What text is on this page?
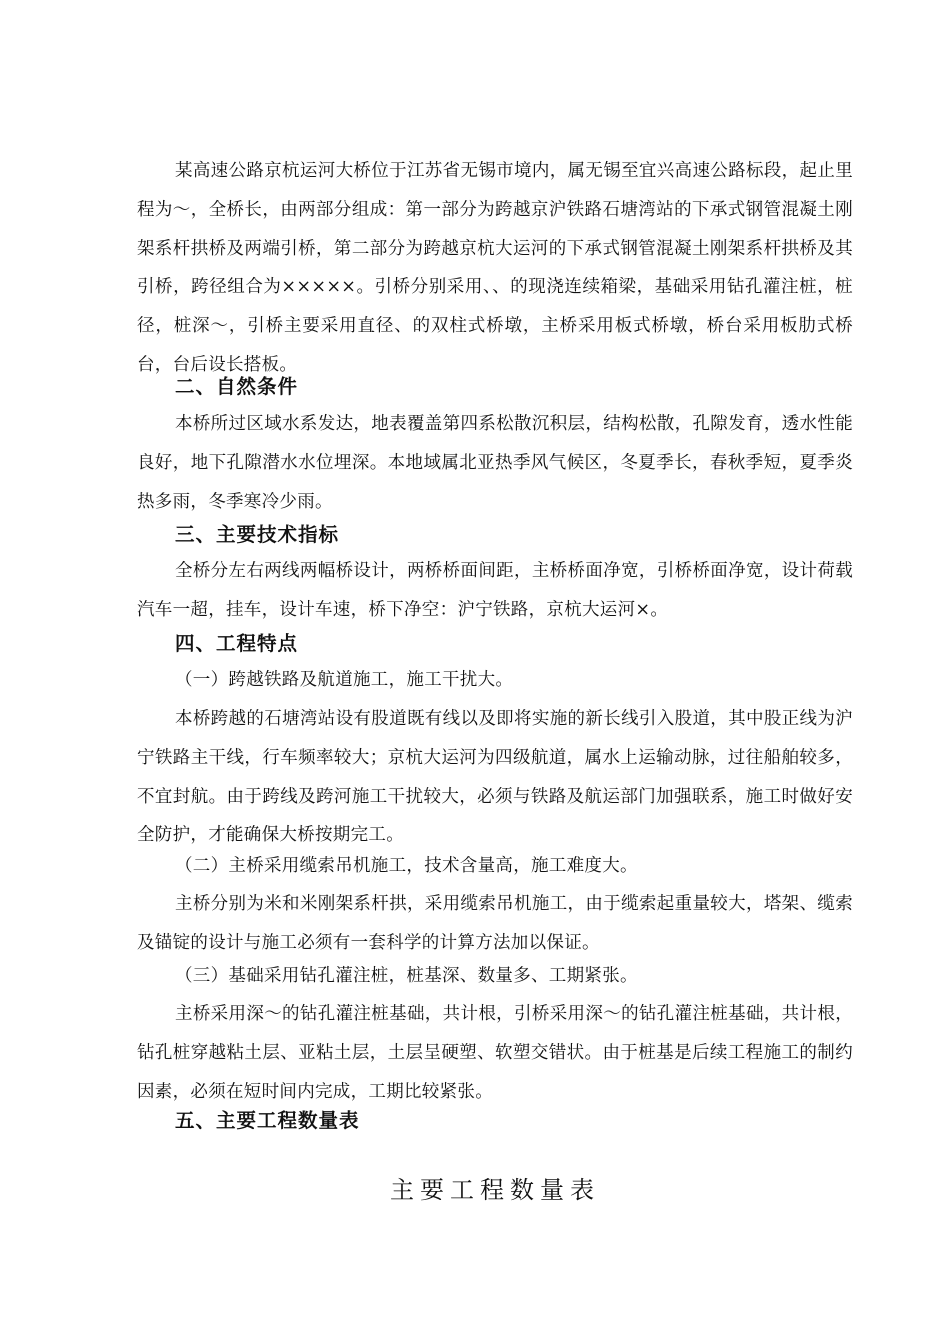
某高速公路京杭运河大桥位于江苏省无锡市境内，属无锡至宜兴高速公路标段，起止里程为～，全桥长，由两部分组成：第一部分为跨越京沪铁路石塘湾站的下承式钢管混凝土刚架系杆拱桥及两端引桥，第二部分为跨越京杭大运河的下承式钢管混凝土刚架系杆拱桥及其引桥，跨径组合为×××××。引桥分别采用、、的现浇连续箱梁，基础采用钻孔灌注桩，桩径，桩深～，引桥主要采用直径、的双柱式桥墩，主桥采用板式桥墩，桥台采用板肋式桥台，台后设长搭板。

二、自然条件

本桥所过区域水系发达，地表覆盖第四系松散沉积层，结构松散，孔隙发育，透水性能良好，地下孔隙潜水水位埋深。本地域属北亚热季风气候区，冬夏季长，春秋季短，夏季炎热多雨，冬季寒冷少雨。

三、主要技术指标

全桥分左右两线两幅桥设计，两桥桥面间距，主桥桥面净宽，引桥桥面净宽，设计荷载汽车一超，挂车，设计车速，桥下净空：沪宁铁路，京杭大运河×。

四、工程特点

（一）跨越铁路及航道施工，施工干扰大。

本桥跨越的石塘湾站设有股道既有线以及即将实施的新长线引入股道，其中股正线为沪宁铁路主干线，行车频率较大；京杭大运河为四级航道，属水上运输动脉，过往船舶较多，不宜封航。由于跨线及跨河施工干扰较大，必须与铁路及航运部门加强联系，施工时做好安全防护，才能确保大桥按期完工。

（二）主桥采用缆索吊机施工，技术含量高，施工难度大。

主桥分别为米和米刚架系杆拱，采用缆索吊机施工，由于缆索起重量较大，塔架、缆索及锚锭的设计与施工必须有一套科学的计算方法加以保证。

（三）基础采用钻孔灌注桩，桩基深、数量多、工期紧张。

主桥采用深～的钻孔灌注桩基础，共计根，引桥采用深～的钻孔灌注桩基础，共计根，钻孔桩穿越粘土层、亚粘土层，土层呈硬塑、软塑交错状。由于桩基是后续工程施工的制约因素，必须在短时间内完成，工期比较紧张。

五、主要工程数量表

主要工程数量表
